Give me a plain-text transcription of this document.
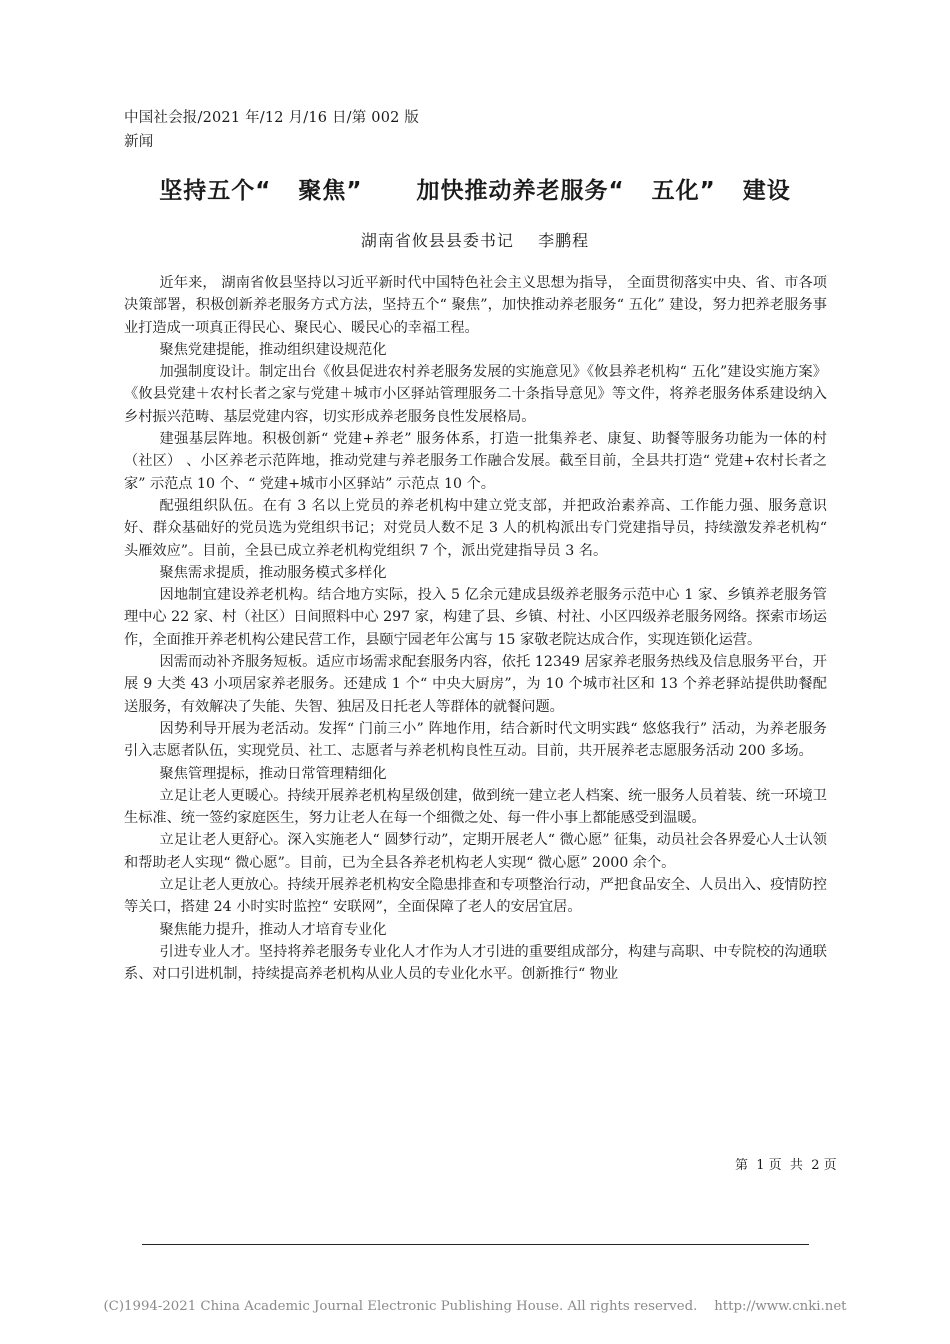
中国社会报/2021 年/12 月/16 日/第 002 版新闻
坚持五个“ 聚焦”  加快推动养老服务“ 五化” 建设
湖南省攸县县委书记    李鹏程

近年来， 湖南省攸县坚持以习近平新时代中国特色社会主义思想为指导， 全面贯彻落实中央、省、市各项决策部署，积极创新养老服务方式方法，坚持五个“ 聚焦”，加快推动养老服务“ 五化” 建设，努力把养老服务事业打造成一项真正得民心、聚民心、暖民心的幸福工程。

聚焦党建提能，推动组织建设规范化

加强制度设计。制定出台《攸县促进农村养老服务发展的实施意见》《攸县养老机构“ 五化”建设实施方案》 《攸县党建＋农村长者之家与党建＋城市小区驿站管理服务二十条指导意见》等文件，将养老服务体系建设纳入乡村振兴范畴、基层党建内容，切实形成养老服务良性发展格局。

建强基层阵地。积极创新“ 党建+养老” 服务体系，打造一批集养老、康复、助餐等服务功能为一体的村（社区） 、小区养老示范阵地，推动党建与养老服务工作融合发展。截至目前，全县共打造“ 党建+农村长者之家” 示范点 10 个、“ 党建+城市小区驿站” 示范点 10 个。

配强组织队伍。在有 3 名以上党员的养老机构中建立党支部，并把政治素养高、工作能力强、服务意识好、群众基础好的党员选为党组织书记；对党员人数不足 3 人的机构派出专门党建指导员，持续激发养老机构“ 头雁效应”。目前，全县已成立养老机构党组织 7 个，派出党建指导员 3 名。

聚焦需求提质，推动服务模式多样化

因地制宜建设养老机构。结合地方实际，投入 5 亿余元建成县级养老服务示范中心 1 家、乡镇养老服务管理中心 22 家、村（社区）日间照料中心 297 家，构建了县、乡镇、村社、小区四级养老服务网络。探索市场运作，全面推开养老机构公建民营工作，县颐宁园老年公寓与 15 家敬老院达成合作，实现连锁化运营。

因需而动补齐服务短板。适应市场需求配套服务内容，依托 12349 居家养老服务热线及信息服务平台，开展 9 大类 43 小项居家养老服务。还建成 1 个“ 中央大厨房”，为 10 个城市社区和 13 个养老驿站提供助餐配送服务，有效解决了失能、失智、独居及日托老人等群体的就餐问题。

因势利导开展为老活动。发挥“ 门前三小” 阵地作用，结合新时代文明实践“ 悠悠我行” 活动，为养老服务引入志愿者队伍，实现党员、社工、志愿者与养老机构良性互动。目前，共开展养老志愿服务活动 200 多场。

聚焦管理提标，推动日常管理精细化

立足让老人更暖心。持续开展养老机构星级创建，做到统一建立老人档案、统一服务人员着装、统一环境卫生标准、统一签约家庭医生，努力让老人在每一个细微之处、每一件小事上都能感受到温暖。

立足让老人更舒心。深入实施老人“ 圆梦行动”，定期开展老人“ 微心愿” 征集，动员社会各界爱心人士认领和帮助老人实现“ 微心愿”。目前，已为全县各养老机构老人实现“ 微心愿” 2000 余个。

立足让老人更放心。持续开展养老机构安全隐患排查和专项整治行动，严把食品安全、人员出入、疫情防控等关口，搭建 24 小时实时监控“ 安联网”，全面保障了老人的安居宜居。

聚焦能力提升，推动人才培育专业化

引进专业人才。坚持将养老服务专业化人才作为人才引进的重要组成部分，构建与高职、中专院校的沟通联系、对口引进机制，持续提高养老机构从业人员的专业化水平。创新推行“ 物业

第  1 页  共  2 页
(C)1994-2021 China Academic Journal Electronic Publishing House. All rights reserved.    http://www.cnki.net
